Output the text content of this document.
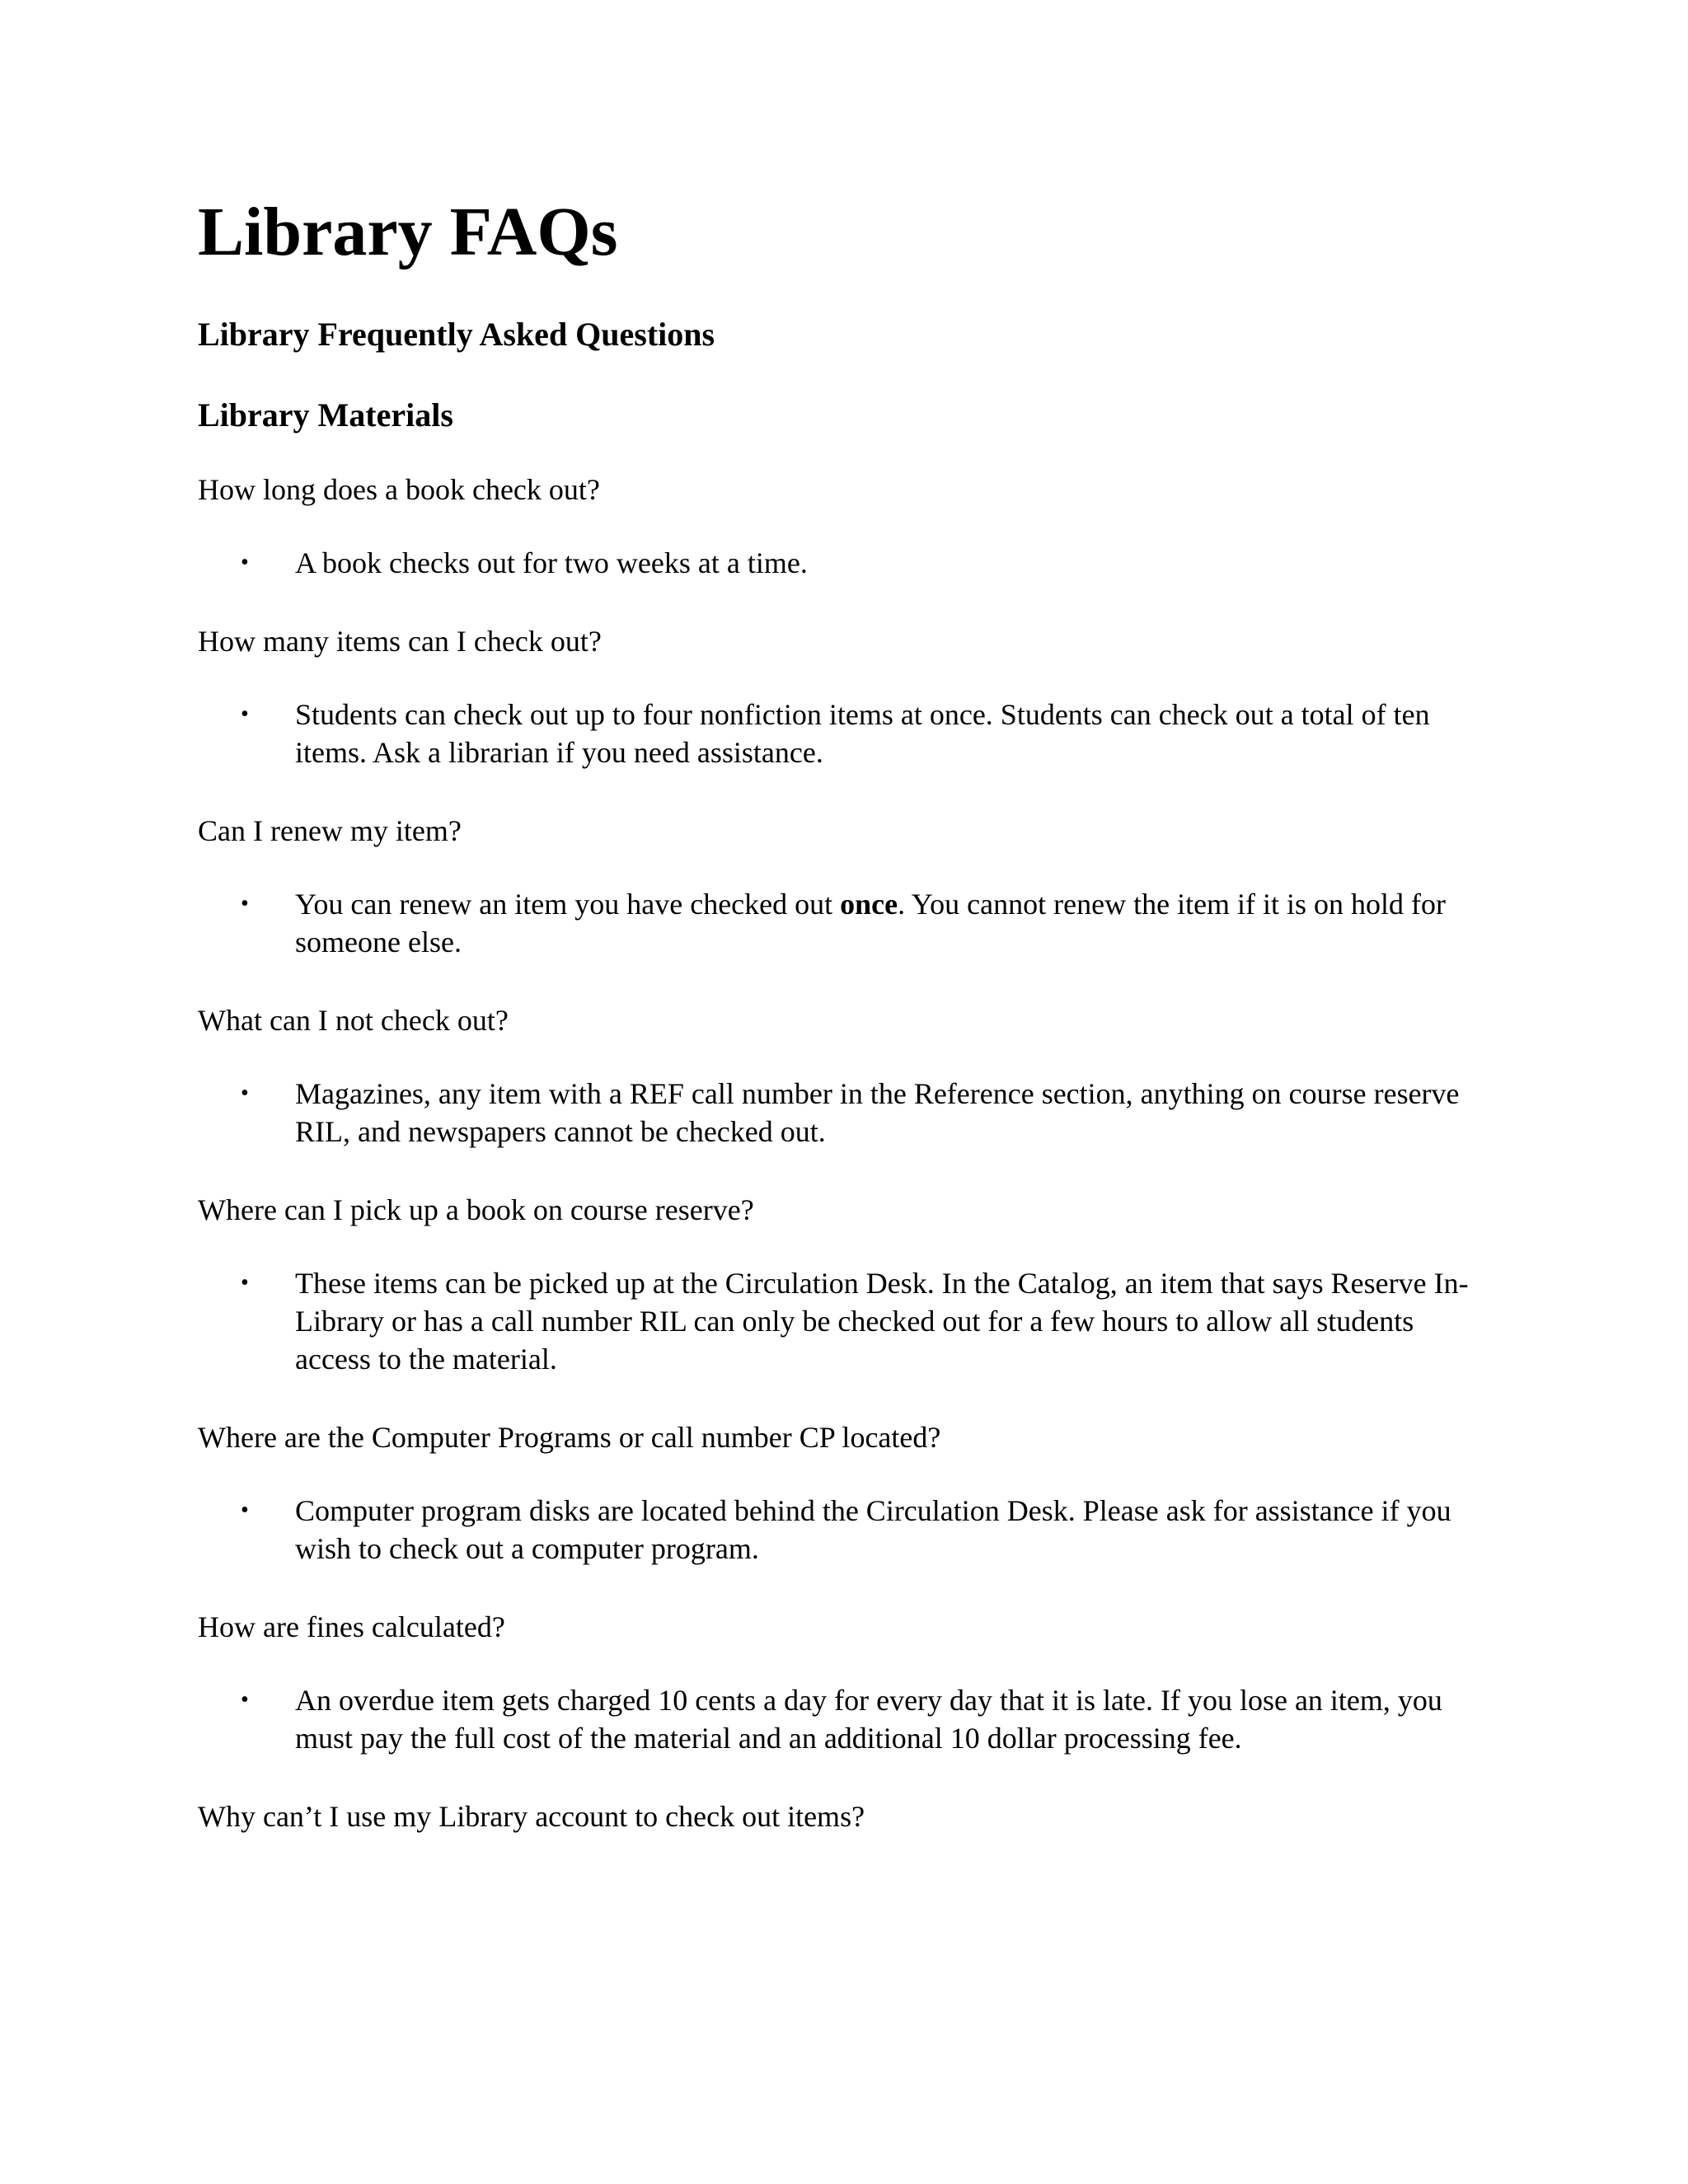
Library FAQs
Library Frequently Asked Questions
Library Materials

How long does a book check out?

• A book checks out for two weeks at a time.

How many items can I check out?

• Students can check out up to four nonfiction items at once. Students can check out a total of ten items. Ask a librarian if you need assistance.

Can I renew my item?

• You can renew an item you have checked out once. You cannot renew the item if it is on hold for someone else.

What can I not check out?

• Magazines, any item with a REF call number in the Reference section, anything on course reserve RIL, and newspapers cannot be checked out.

Where can I pick up a book on course reserve?

• These items can be picked up at the Circulation Desk. In the Catalog, an item that says Reserve In-Library or has a call number RIL can only be checked out for a few hours to allow all students access to the material.

Where are the Computer Programs or call number CP located?

• Computer program disks are located behind the Circulation Desk. Please ask for assistance if you wish to check out a computer program.

How are fines calculated?

• An overdue item gets charged 10 cents a day for every day that it is late. If you lose an item, you must pay the full cost of the material and an additional 10 dollar processing fee.

Why can’t I use my Library account to check out items?
